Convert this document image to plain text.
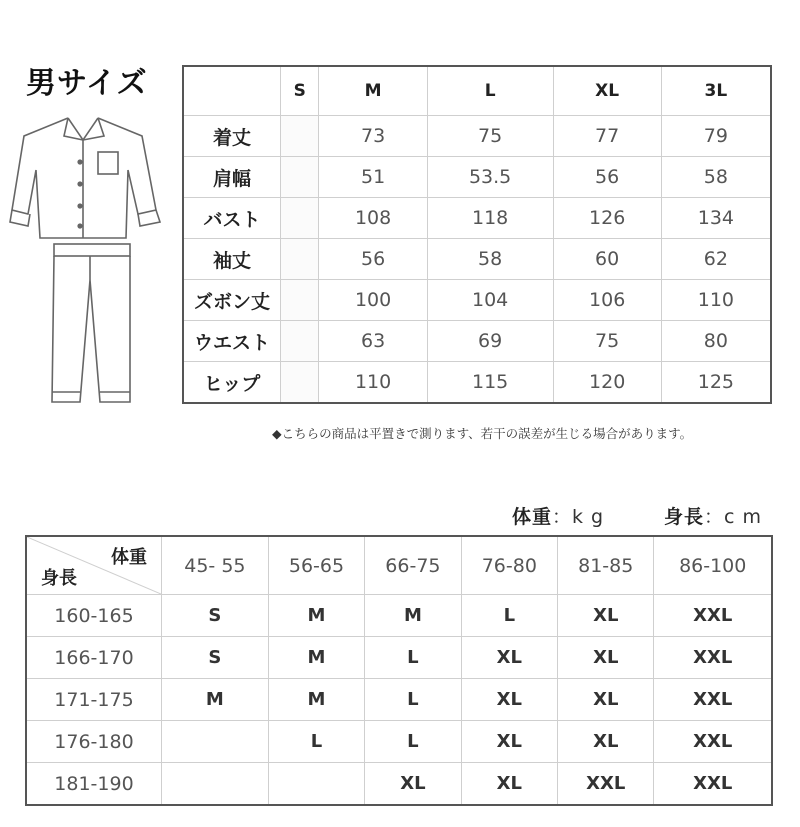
男サイズ
		S	M	L	XL	3L
着丈		73	75	77	79
肩幅		51	53.5	56	58
バスト		108	118	126	134
袖丈		56	58	60	62
ズボン丈		100	104	106	110
ウエスト		63	69	75	80
ヒップ		110	115	120	125
◆こちらの商品は平置きで測ります、若干の誤差が生じる場合があります。
体重：k g	身長：c m
体重
身長	45- 55	56-65	66-75	76-80	81-85	86-100
160-165	S	M	M	L	XL	XXL
166-170	S	M	L	XL	XL	XXL
171-175	M	M	L	XL	XL	XXL
176-180		L	L	XL	XL	XXL
181-190			XL	XL	XXL	XXL
